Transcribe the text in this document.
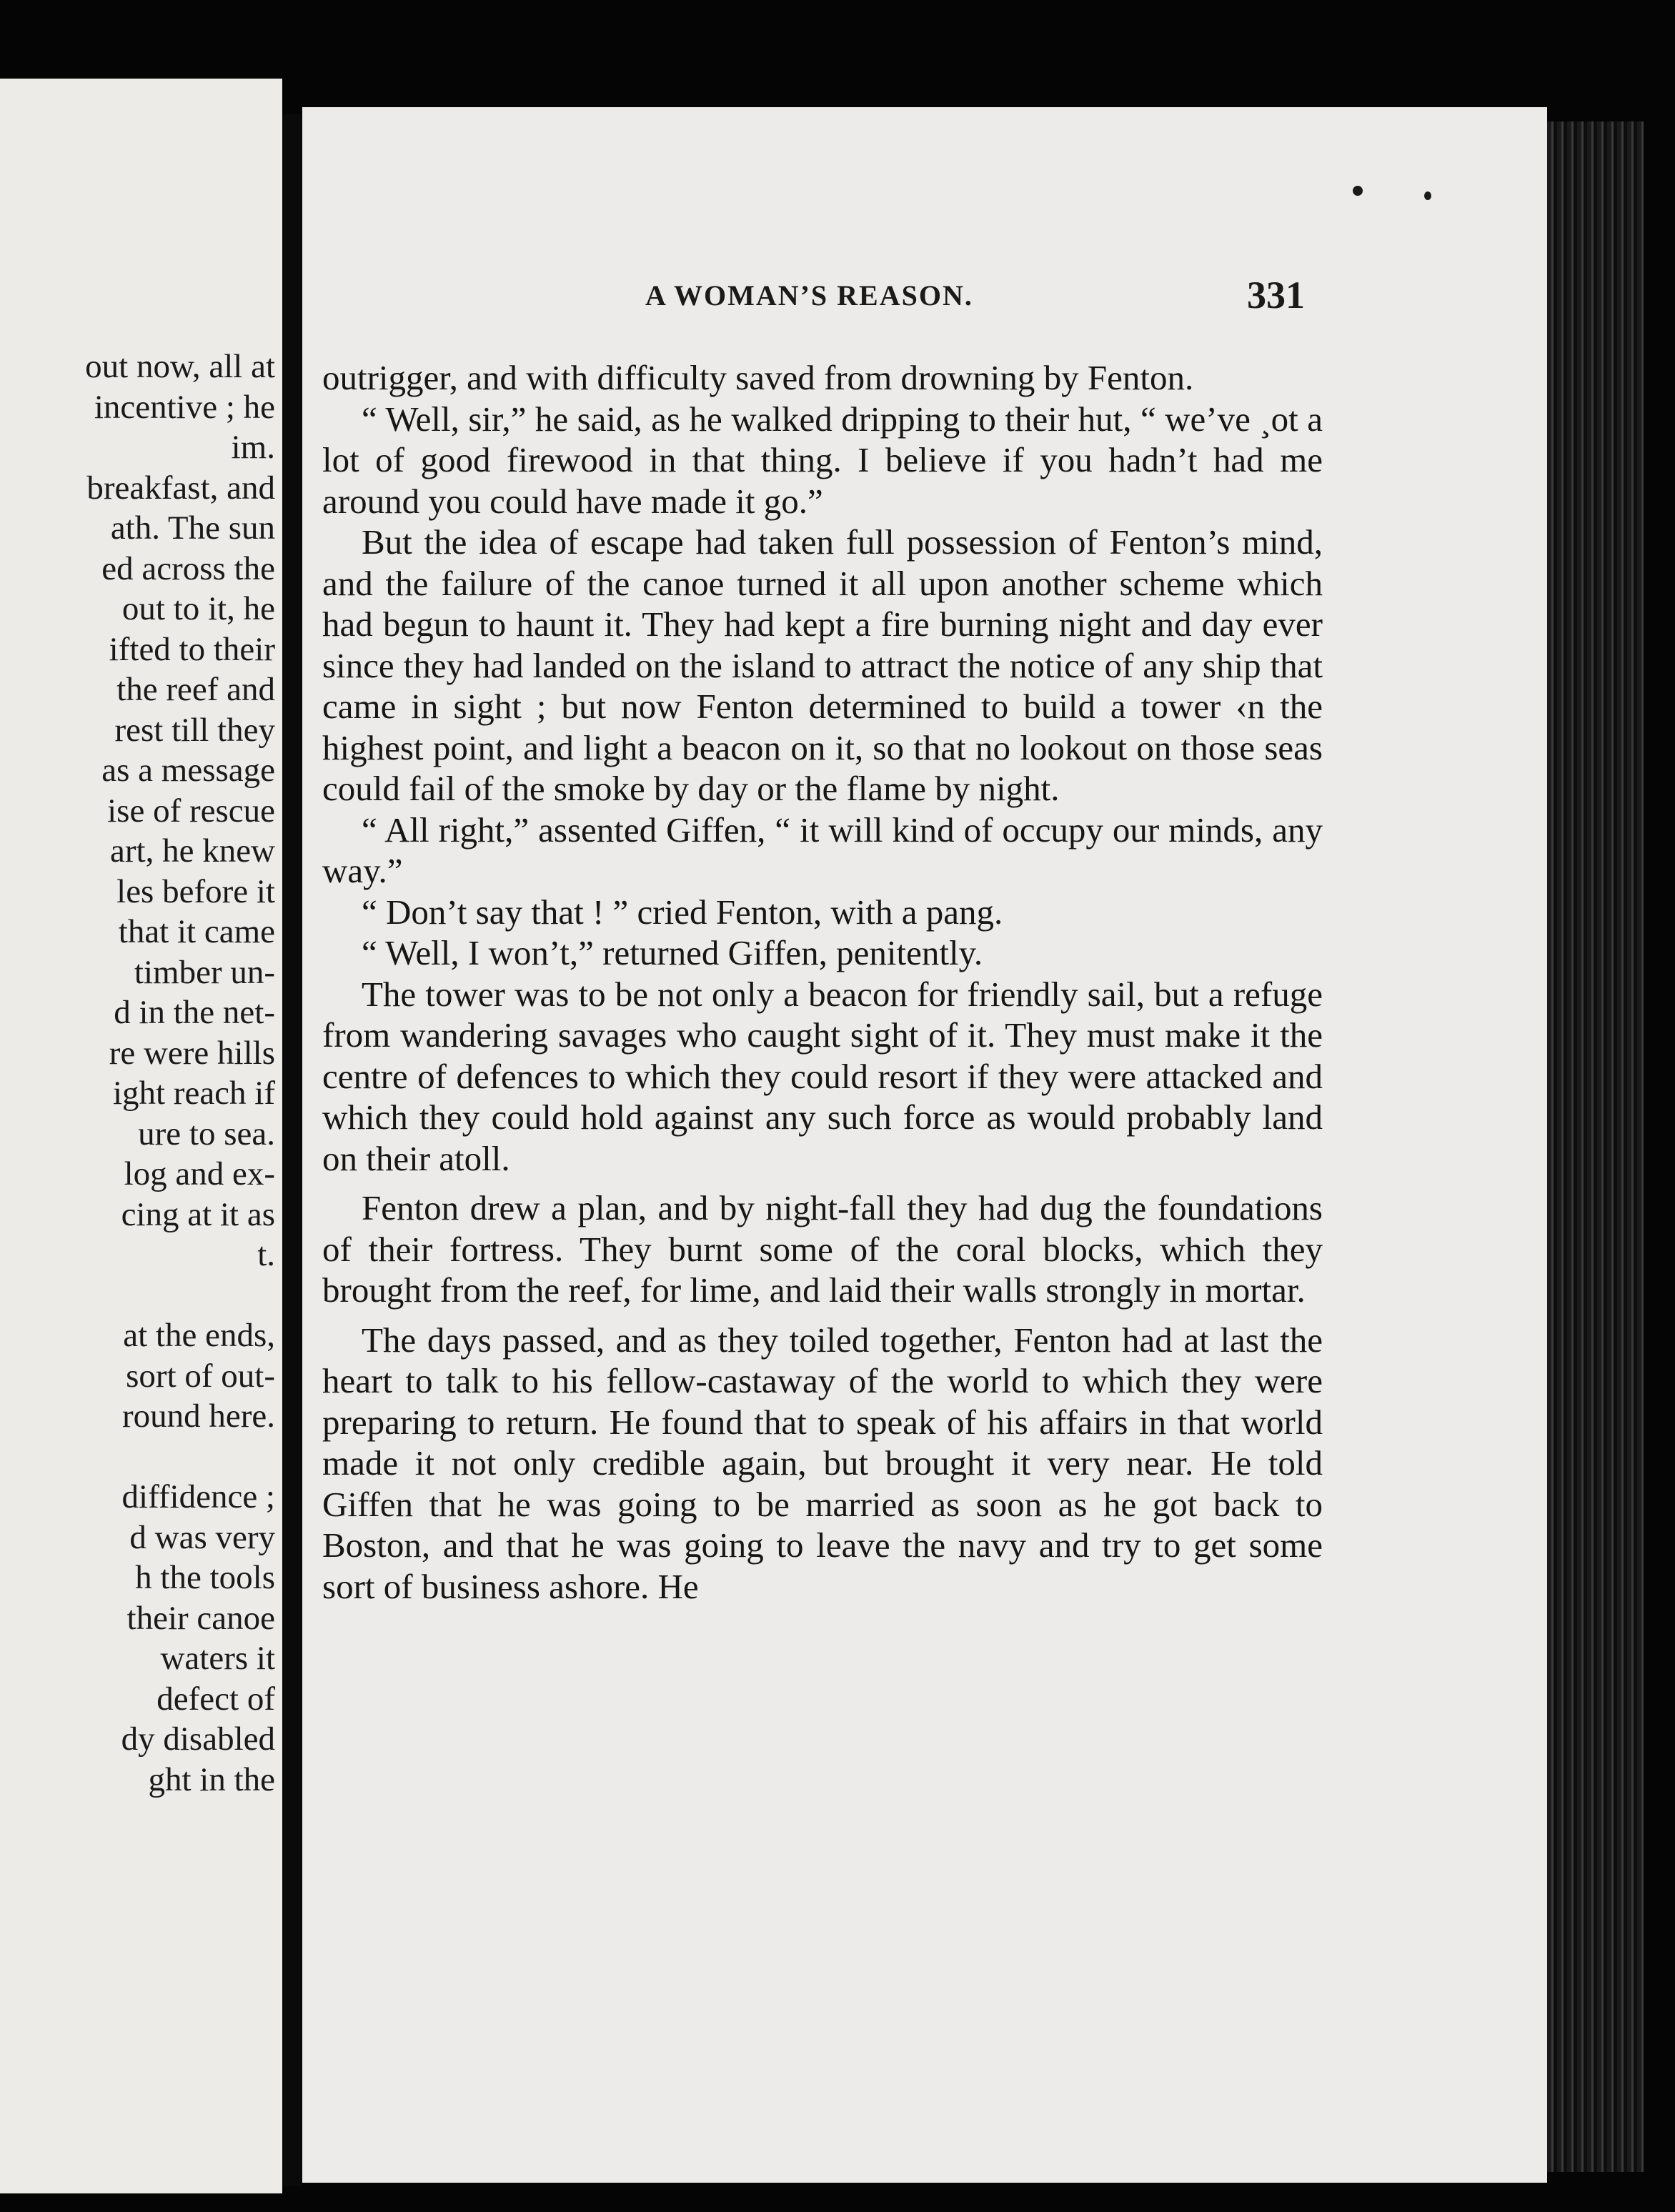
out now, all at
incentive ; he
im.
breakfast, and
ath. The sun
ed across the
out to it, he
ifted to their
the reef and
rest till they
as a message
ise of rescue
art, he knew
les before it
that it came
timber un-
d in the net-
re were hills
ight reach if
ure to sea.
log and ex-
cing at it as
t.
at the ends,
sort of out-
round here.
diffidence ;
d was very
h the tools
their canoe
waters it
defect of
dy disabled
ght in the
A WOMAN’S REASON.	331

outrigger, and with difficulty saved from drowning by Fenton.

“ Well, sir,” he said, as he walked dripping to their hut, “ we’ve ¸ot a lot of good firewood in that thing. I believe if you hadn’t had me around you could have made it go.”

But the idea of escape had taken full possession of Fenton’s mind, and the failure of the canoe turned it all upon another scheme which had begun to haunt it. They had kept a fire burning night and day ever since they had landed on the island to attract the notice of any ship that came in sight ; but now Fenton determined to build a tower ‹n the highest point, and light a beacon on it, so that no lookout on those seas could fail of the smoke by day or the flame by night.

“ All right,” assented Giffen, “ it will kind of occupy our minds, any way.”

“ Don’t say that ! ” cried Fenton, with a pang.

“ Well, I won’t,” returned Giffen, penitently.

The tower was to be not only a beacon for friendly sail, but a refuge from wandering savages who caught sight of it. They must make it the centre of defences to which they could resort if they were attacked and which they could hold against any such force as would probably land on their atoll.

Fenton drew a plan, and by night-fall they had dug the foundations of their fortress. They burnt some of the coral blocks, which they brought from the reef, for lime, and laid their walls strongly in mortar.

The days passed, and as they toiled together, Fenton had at last the heart to talk to his fellow-castaway of the world to which they were preparing to return. He found that to speak of his affairs in that world made it not only credible again, but brought it very near. He told Giffen that he was going to be married as soon as he got back to Boston, and that he was going to leave the navy and try to get some sort of business ashore. He
